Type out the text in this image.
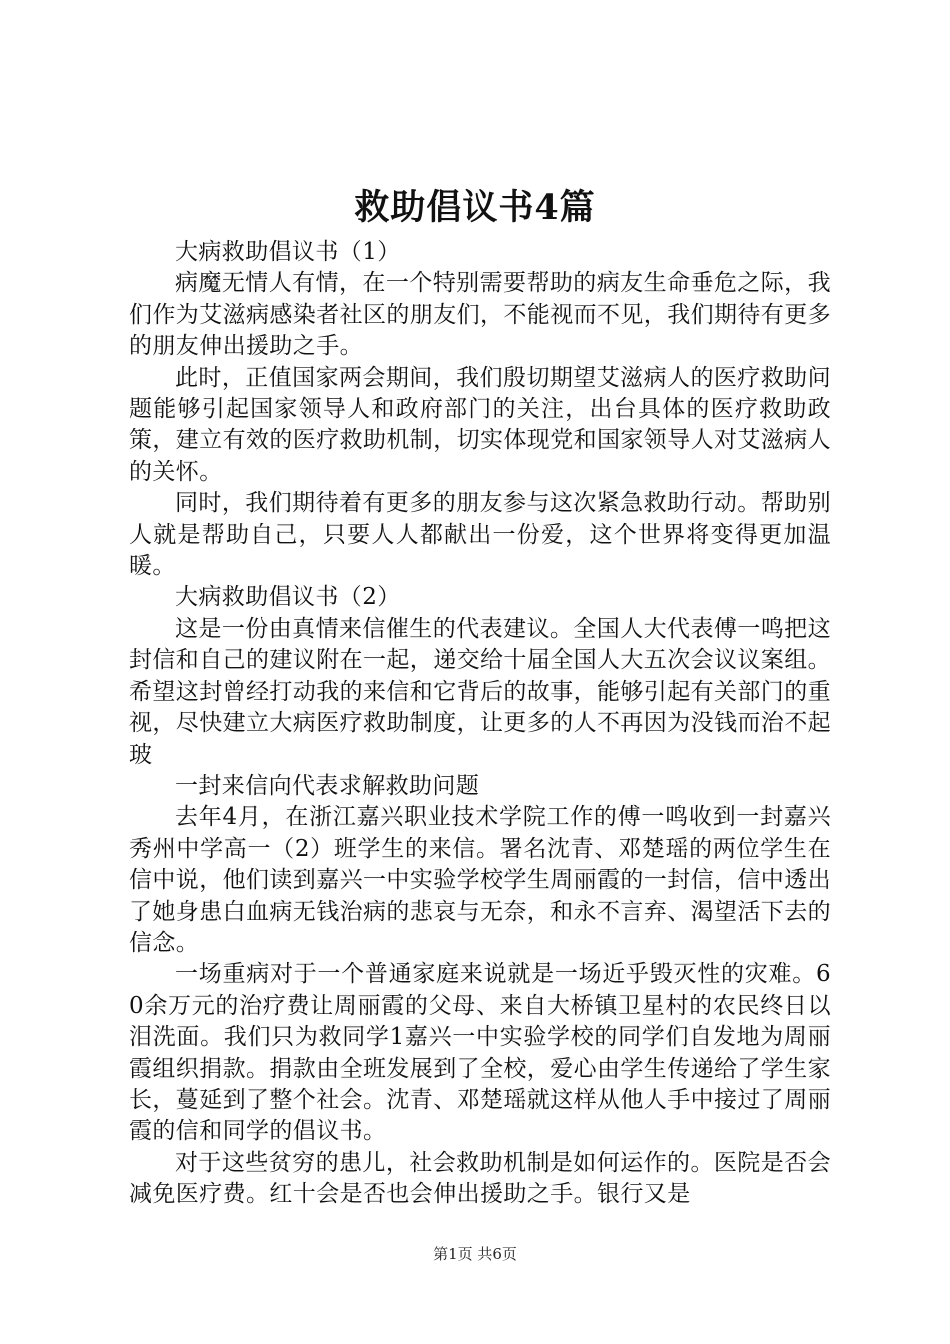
救助倡议书4篇

大病救助倡议书（1）

病魔无情人有情，在一个特别需要帮助的病友生命垂危之际，我们作为艾滋病感染者社区的朋友们，不能视而不见，我们期待有更多的朋友伸出援助之手。

此时，正值国家两会期间，我们殷切期望艾滋病人的医疗救助问题能够引起国家领导人和政府部门的关注，出台具体的医疗救助政策，建立有效的医疗救助机制，切实体现党和国家领导人对艾滋病人的关怀。

同时，我们期待着有更多的朋友参与这次紧急救助行动。帮助别人就是帮助自己，只要人人都献出一份爱，这个世界将变得更加温暖。

大病救助倡议书（2）

这是一份由真情来信催生的代表建议。全国人大代表傅一鸣把这封信和自己的建议附在一起，递交给十届全国人大五次会议议案组。希望这封曾经打动我的来信和它背后的故事，能够引起有关部门的重视，尽快建立大病医疗救助制度，让更多的人不再因为没钱而治不起玻

一封来信向代表求解救助问题

去年4月，在浙江嘉兴职业技术学院工作的傅一鸣收到一封嘉兴秀州中学高一（2）班学生的来信。署名沈青、邓楚瑶的两位学生在信中说，他们读到嘉兴一中实验学校学生周丽霞的一封信，信中透出了她身患白血病无钱治病的悲哀与无奈，和永不言弃、渴望活下去的信念。

一场重病对于一个普通家庭来说就是一场近乎毁灭性的灾难。60余万元的治疗费让周丽霞的父母、来自大桥镇卫星村的农民终日以泪洗面。我们只为救同学1嘉兴一中实验学校的同学们自发地为周丽霞组织捐款。捐款由全班发展到了全校，爱心由学生传递给了学生家长，蔓延到了整个社会。沈青、邓楚瑶就这样从他人手中接过了周丽霞的信和同学的倡议书。

对于这些贫穷的患儿，社会救助机制是如何运作的。医院是否会减免医疗费。红十会是否也会伸出援助之手。银行又是

第1页 共6页
